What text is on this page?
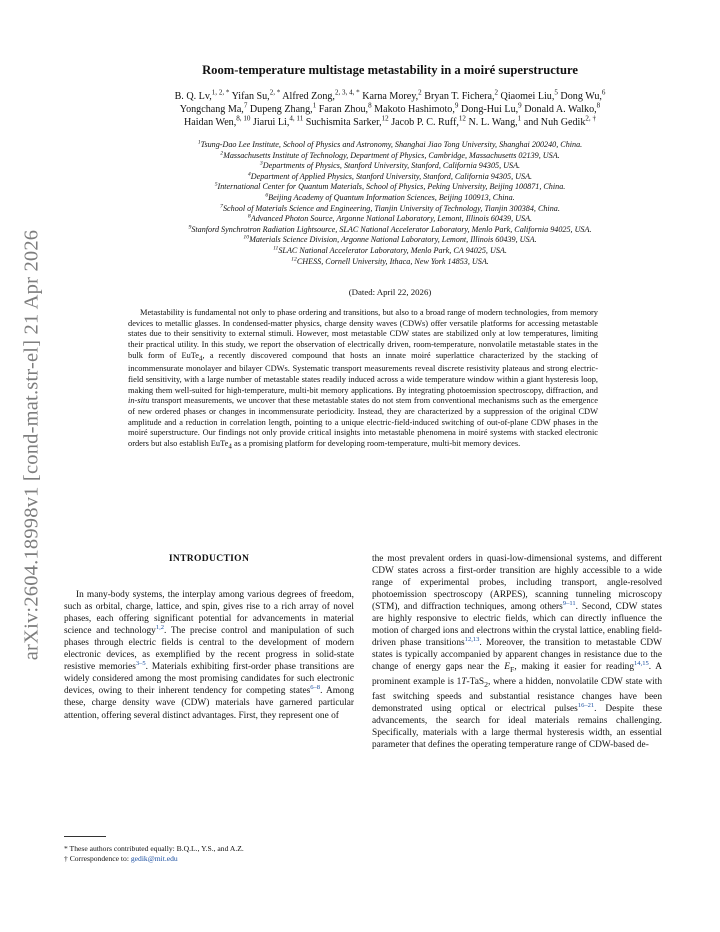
arXiv:2604.18998v1 [cond-mat.str-el] 21 Apr 2026
Room-temperature multistage metastability in a moiré superstructure
B. Q. Lv,$^{1, 2, *}$ Yifan Su,$^{2, *}$ Alfred Zong,$^{2, 3, 4, *}$ Karna Morey,$^2$ Bryan T. Fichera,$^2$ Qiaomei Liu,$^5$ Dong Wu,$^6$
Yongchang Ma,$^7$ Dupeng Zhang,$^1$ Faran Zhou,$^8$ Makoto Hashimoto,$^9$ Dong-Hui Lu,$^9$ Donald A. Walko,$^8$
Haidan Wen,$^{8, 10}$ Jiarui Li,$^{4, 11}$ Suchismita Sarker,$^{12}$ Jacob P. C. Ruff,$^{12}$ N. L. Wang,$^1$ and Nuh Gedik$^{2, \dagger}$
$^1$Tsung-Dao Lee Institute, School of Physics and Astronomy, Shanghai Jiao Tong University, Shanghai 200240, China.
$^2$Massachusetts Institute of Technology, Department of Physics, Cambridge, Massachusetts 02139, USA.
$^3$Departments of Physics, Stanford University, Stanford, California 94305, USA.
$^4$Department of Applied Physics, Stanford University, Stanford, California 94305, USA.
$^5$International Center for Quantum Materials, School of Physics, Peking University, Beijing 100871, China.
$^6$Beijing Academy of Quantum Information Sciences, Beijing 100913, China.
$^7$School of Materials Science and Engineering, Tianjin University of Technology, Tianjin 300384, China.
$^8$Advanced Photon Source, Argonne National Laboratory, Lemont, Illinois 60439, USA.
$^9$Stanford Synchrotron Radiation Lightsource, SLAC National Accelerator Laboratory, Menlo Park, California 94025, USA.
$^{10}$Materials Science Division, Argonne National Laboratory, Lemont, Illinois 60439, USA.
$^{11}$SLAC National Accelerator Laboratory, Menlo Park, CA 94025, USA.
$^{12}$CHESS, Cornell University, Ithaca, New York 14853, USA.
(Dated: April 22, 2026)
Metastability is fundamental not only to phase ordering and transitions, but also to a broad range of modern technologies, from memory devices to metallic glasses. In condensed-matter physics, charge density waves (CDWs) offer versatile platforms for accessing metastable states due to their sensitivity to external stimuli. However, most metastable CDW states are stabilized only at low temperatures, limiting their practical utility. In this study, we report the observation of electrically driven, room-temperature, nonvolatile metastable states in the bulk form of EuTe$_4$, a recently discovered compound that hosts an innate moiré superlattice characterized by the stacking of incommensurate monolayer and bilayer CDWs. Systematic transport measurements reveal discrete resistivity plateaus and strong electric-field sensitivity, with a large number of metastable states readily induced across a wide temperature window within a giant hysteresis loop, making them well-suited for high-temperature, multi-bit memory applications. By integrating photoemission spectroscopy, diffraction, and in-situ transport measurements, we uncover that these metastable states do not stem from conventional mechanisms such as the emergence of new ordered phases or changes in incommensurate periodicity. Instead, they are characterized by a suppression of the original CDW amplitude and a reduction in correlation length, pointing to a unique electric-field-induced switching of out-of-plane CDW phases in the moiré superstructure. Our findings not only provide critical insights into metastable phenomena in moiré systems with stacked electronic orders but also establish EuTe$_4$ as a promising platform for developing room-temperature, multi-bit memory devices.
INTRODUCTION

In many-body systems, the interplay among various degrees of freedom, such as orbital, charge, lattice, and spin, gives rise to a rich array of novel phases, each offering significant potential for advancements in material science and technology$^{1,2}$. The precise control and manipulation of such phases through electric fields is central to the development of modern electronic devices, as exemplified by the recent progress in solid-state resistive memories$^{3-5}$. Materials exhibiting first-order phase transitions are widely considered among the most promising candidates for such electronic devices, owing to their inherent tendency for competing states$^{6-8}$. Among these, charge density wave (CDW) materials have garnered particular attention, offering several distinct advantages. First, they represent one of

the most prevalent orders in quasi-low-dimensional systems, and different CDW states across a first-order transition are highly accessible to a wide range of experimental probes, including transport, angle-resolved photoemission spectroscopy (ARPES), scanning tunneling microscopy (STM), and diffraction techniques, among others$^{9-11}$. Second, CDW states are highly responsive to electric fields, which can directly influence the motion of charged ions and electrons within the crystal lattice, enabling field-driven phase transitions$^{12,13}$. Moreover, the transition to metastable CDW states is typically accompanied by apparent changes in resistance due to the change of energy gaps near the $E_F$, making it easier for reading$^{14,15}$. A prominent example is 1T-TaS$_2$, where a hidden, nonvolatile CDW state with fast switching speeds and substantial resistance changes have been demonstrated using optical or electrical pulses$^{16-21}$. Despite these advancements, the search for ideal materials remains challenging. Specifically, materials with a large thermal hysteresis width, an essential parameter that defines the operating temperature range of CDW-based de-

* These authors contributed equally: B.Q.L., Y.S., and A.Z.
† Correspondence to: gedik@mit.edu
